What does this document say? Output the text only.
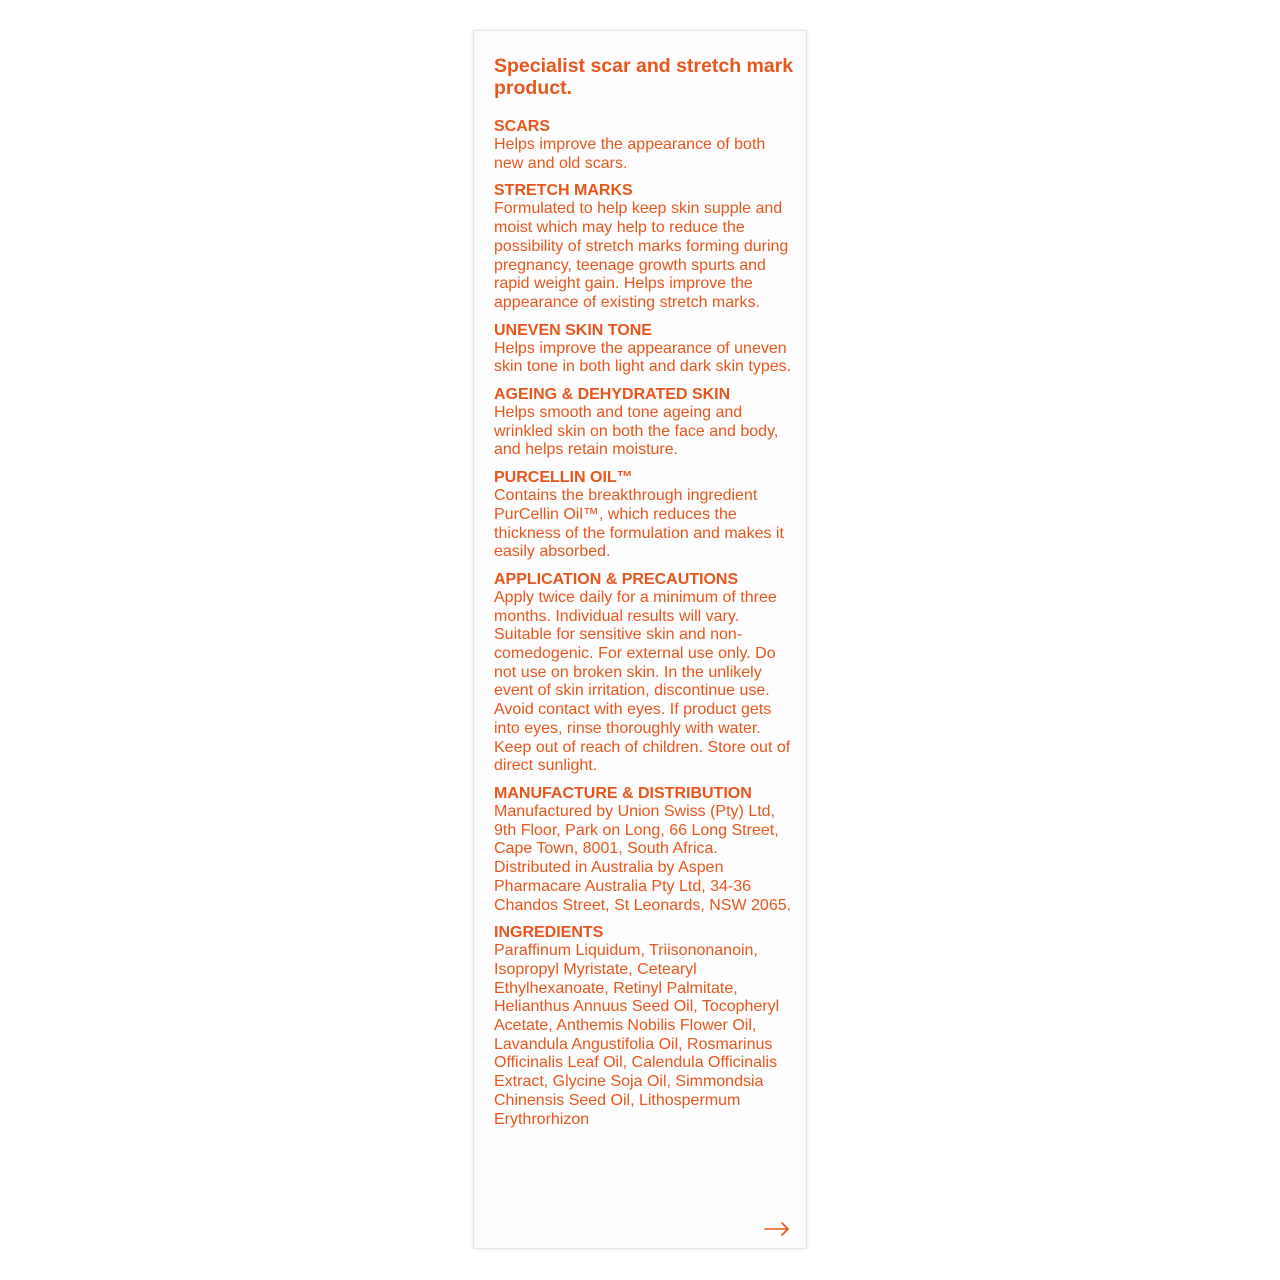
Specialist scar and stretch mark product.

SCARS

Helps improve the appearance of both new and old scars.

STRETCH MARKS

Formulated to help keep skin supple and moist which may help to reduce the possibility of stretch marks forming during pregnancy, teenage growth spurts and rapid weight gain. Helps improve the appearance of existing stretch marks.

UNEVEN SKIN TONE

Helps improve the appearance of uneven skin tone in both light and dark skin types.

AGEING & DEHYDRATED SKIN

Helps smooth and tone ageing and wrinkled skin on both the face and body, and helps retain moisture.

PURCELLIN OIL™

Contains the breakthrough ingredient PurCellin Oil™, which reduces the thickness of the formulation and makes it easily absorbed.

APPLICATION & PRECAUTIONS

Apply twice daily for a minimum of three months. Individual results will vary. Suitable for sensitive skin and non-comedogenic. For external use only. Do not use on broken skin. In the unlikely event of skin irritation, discontinue use. Avoid contact with eyes. If product gets into eyes, rinse thoroughly with water. Keep out of reach of children. Store out of direct sunlight.

MANUFACTURE & DISTRIBUTION

Manufactured by Union Swiss (Pty) Ltd, 9th Floor, Park on Long, 66 Long Street, Cape Town, 8001, South Africa. Distributed in Australia by Aspen Pharmacare Australia Pty Ltd, 34-36 Chandos Street, St Leonards, NSW 2065.

INGREDIENTS

Paraffinum Liquidum, Triisononanoin, Isopropyl Myristate, Cetearyl Ethylhexanoate, Retinyl Palmitate, Helianthus Annuus Seed Oil, Tocopheryl Acetate, Anthemis Nobilis Flower Oil, Lavandula Angustifolia Oil, Rosmarinus Officinalis Leaf Oil, Calendula Officinalis Extract, Glycine Soja Oil, Simmondsia Chinensis Seed Oil, Lithospermum Erythrorhizon
